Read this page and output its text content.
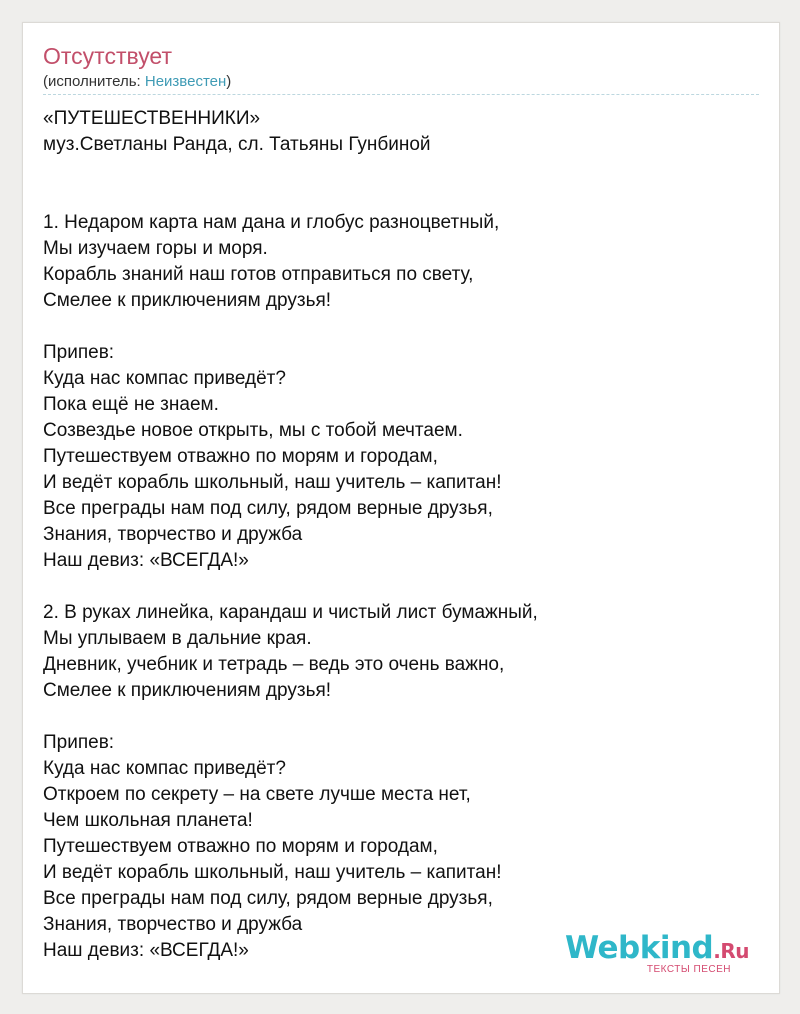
Отсутствует
(исполнитель: Неизвестен)
«ПУТЕШЕСТВЕННИКИ»
муз.Светланы Ранда, сл. Татьяны Гунбиной
1. Недаром карта нам дана и глобус разноцветный,
Мы изучаем горы и моря.
Корабль знаний наш готов отправиться по свету,
Смелее к приключениям друзья!
Припев:
Куда нас компас приведёт?
Пока ещё не знаем.
Созвездье новое открыть, мы с тобой мечтаем.
Путешествуем отважно по морям и городам,
И ведёт корабль школьный, наш учитель – капитан!
Все преграды нам под силу, рядом верные друзья,
Знания, творчество и дружба
Наш девиз: «ВСЕГДА!»
2. В руках линейка, карандаш и чистый лист бумажный,
Мы уплываем в дальние края.
Дневник, учебник и тетрадь – ведь это очень важно,
Смелее к приключениям друзья!
Припев:
Куда нас компас приведёт?
Откроем по секрету – на свете лучше места нет,
Чем школьная планета!
Путешествуем отважно по морям и городам,
И ведёт корабль школьный, наш учитель – капитан!
Все преграды нам под силу, рядом верные друзья,
Знания, творчество и дружба
Наш девиз: «ВСЕГДА!»	Webkind.Ru
ТЕКСТЫ ПЕСЕН
